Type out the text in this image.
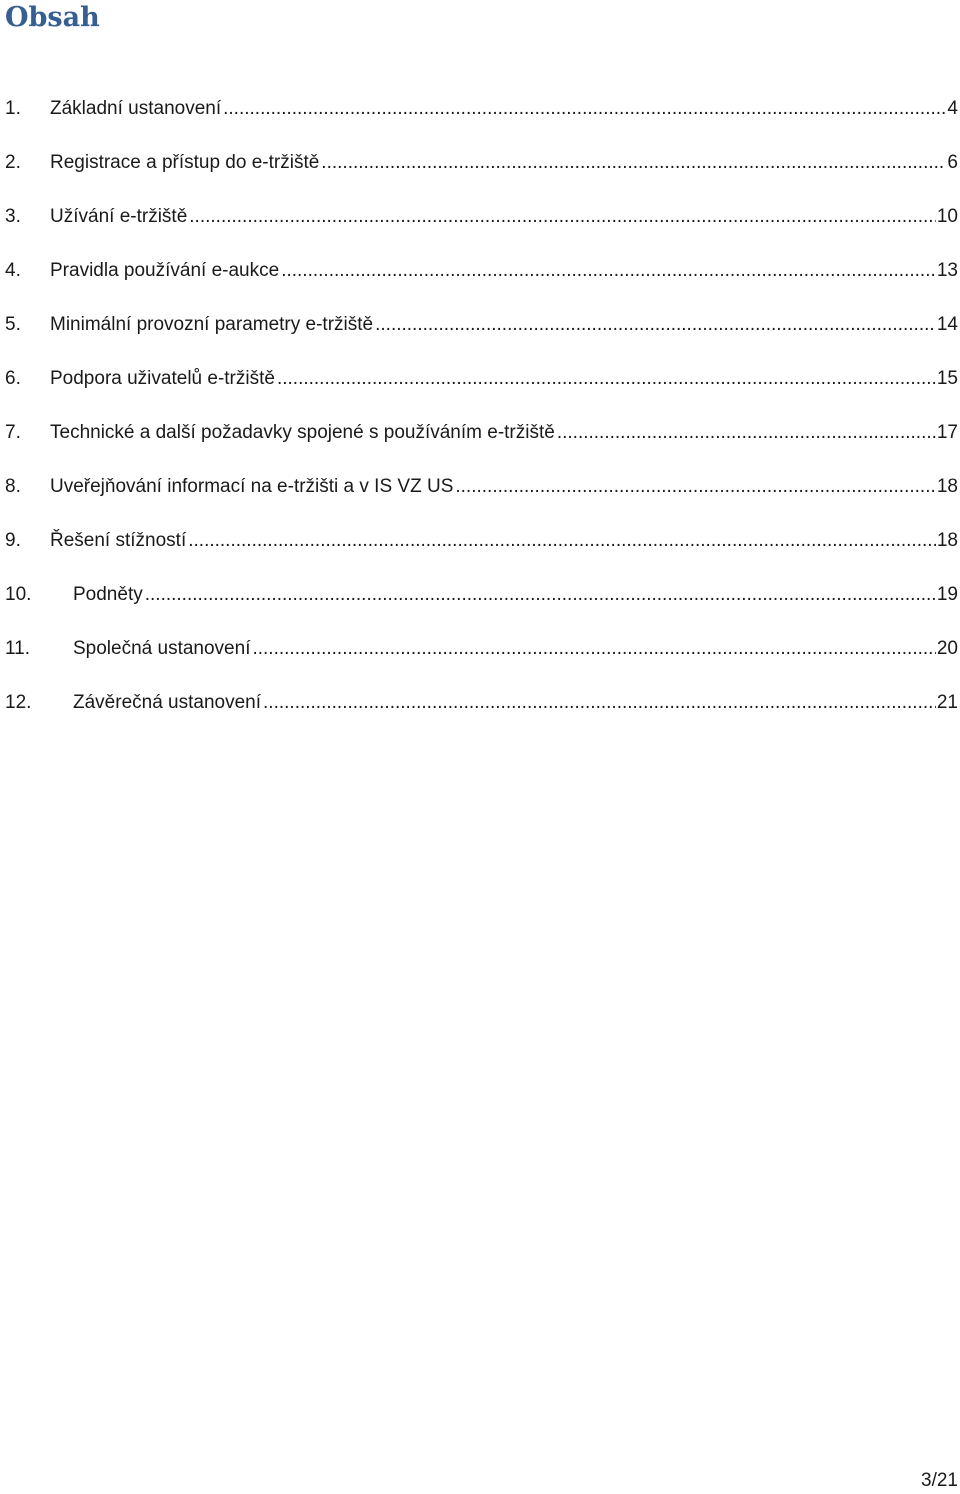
Obsah
1.	Základní ustanovení .....	4
2.	Registrace a přístup do e-tržiště .....	6
3.	Užívání e-tržiště .....	10
4.	Pravidla používání e-aukce .....	13
5.	Minimální provozní parametry e-tržiště .....	14
6.	Podpora uživatelů e-tržiště .....	15
7.	Technické a další požadavky spojené s používáním e-tržiště .....	17
8.	Uveřejňování informací na e-tržišti a v IS VZ US .....	18
9.	Řešení stížností .....	18
10.	Podněty .....	19
11.	Společná ustanovení .....	20
12.	Závěrečná ustanovení .....	21
3/21
